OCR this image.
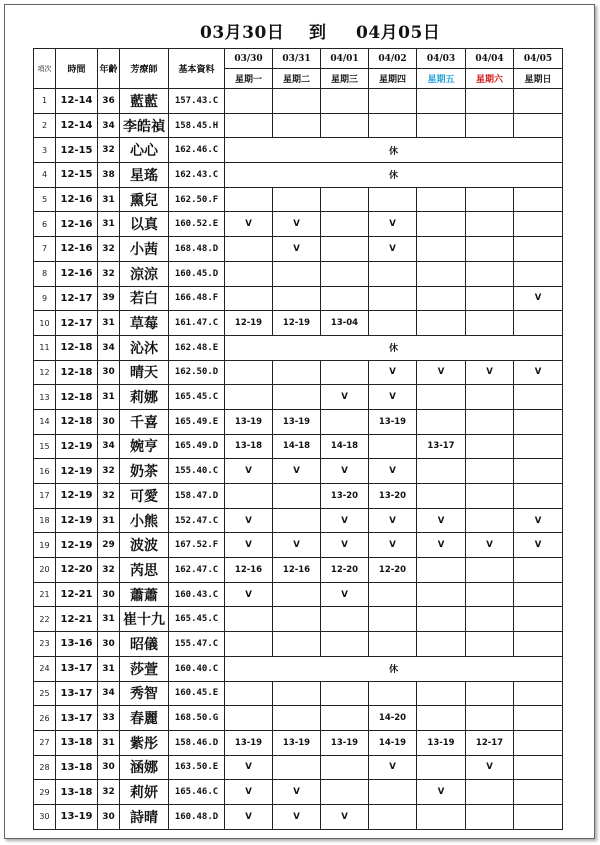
03月30日 到 04月05日
項次	時間	年齡	芳療師	基本資料	03/30	03/31	04/01	04/02	04/03	04/04	04/05
					星期一	星期二	星期三	星期四	星期五	星期六	星期日
1	12-14	36	藍藍	157.43.C							
2	12-14	34	李皓禎	158.45.H							
3	12-15	32	心心	162.46.C	休						
4	12-15	38	星瑤	162.43.C	休						
5	12-16	31	熏兒	162.50.F							
6	12-16	31	以真	160.52.E	V	V		V			
7	12-16	32	小茜	168.48.D		V		V			
8	12-16	32	涼涼	160.45.D							
9	12-17	39	若白	166.48.F							V
10	12-17	31	草莓	161.47.C	12-19	12-19	13-04				
11	12-18	34	沁沐	162.48.E	休						
12	12-18	30	晴天	162.50.D				V	V	V	V
13	12-18	31	莉娜	165.45.C			V	V			
14	12-18	30	千喜	165.49.E	13-19	13-19		13-19			
15	12-19	34	婉亨	165.49.D	13-18	14-18	14-18		13-17		
16	12-19	32	奶茶	155.40.C	V	V	V	V			
17	12-19	32	可愛	158.47.D			13-20	13-20			
18	12-19	31	小熊	152.47.C	V		V	V	V		V
19	12-19	29	波波	167.52.F	V	V	V	V	V	V	V
20	12-20	32	芮思	162.47.C	12-16	12-16	12-20	12-20			
21	12-21	30	蕭蕭	160.43.C	V		V				
22	12-21	31	崔十九	165.45.C							
23	13-16	30	昭儀	155.47.C							
24	13-17	31	莎萱	160.40.C	休						
25	13-17	34	秀智	160.45.E							
26	13-17	33	春麗	168.50.G				14-20			
27	13-18	31	紫彤	158.46.D	13-19	13-19	13-19	14-19	13-19	12-17	
28	13-18	30	涵娜	163.50.E	V			V		V	
29	13-18	32	莉妍	165.46.C	V	V			V		
30	13-19	30	詩晴	160.48.D	V	V	V				
